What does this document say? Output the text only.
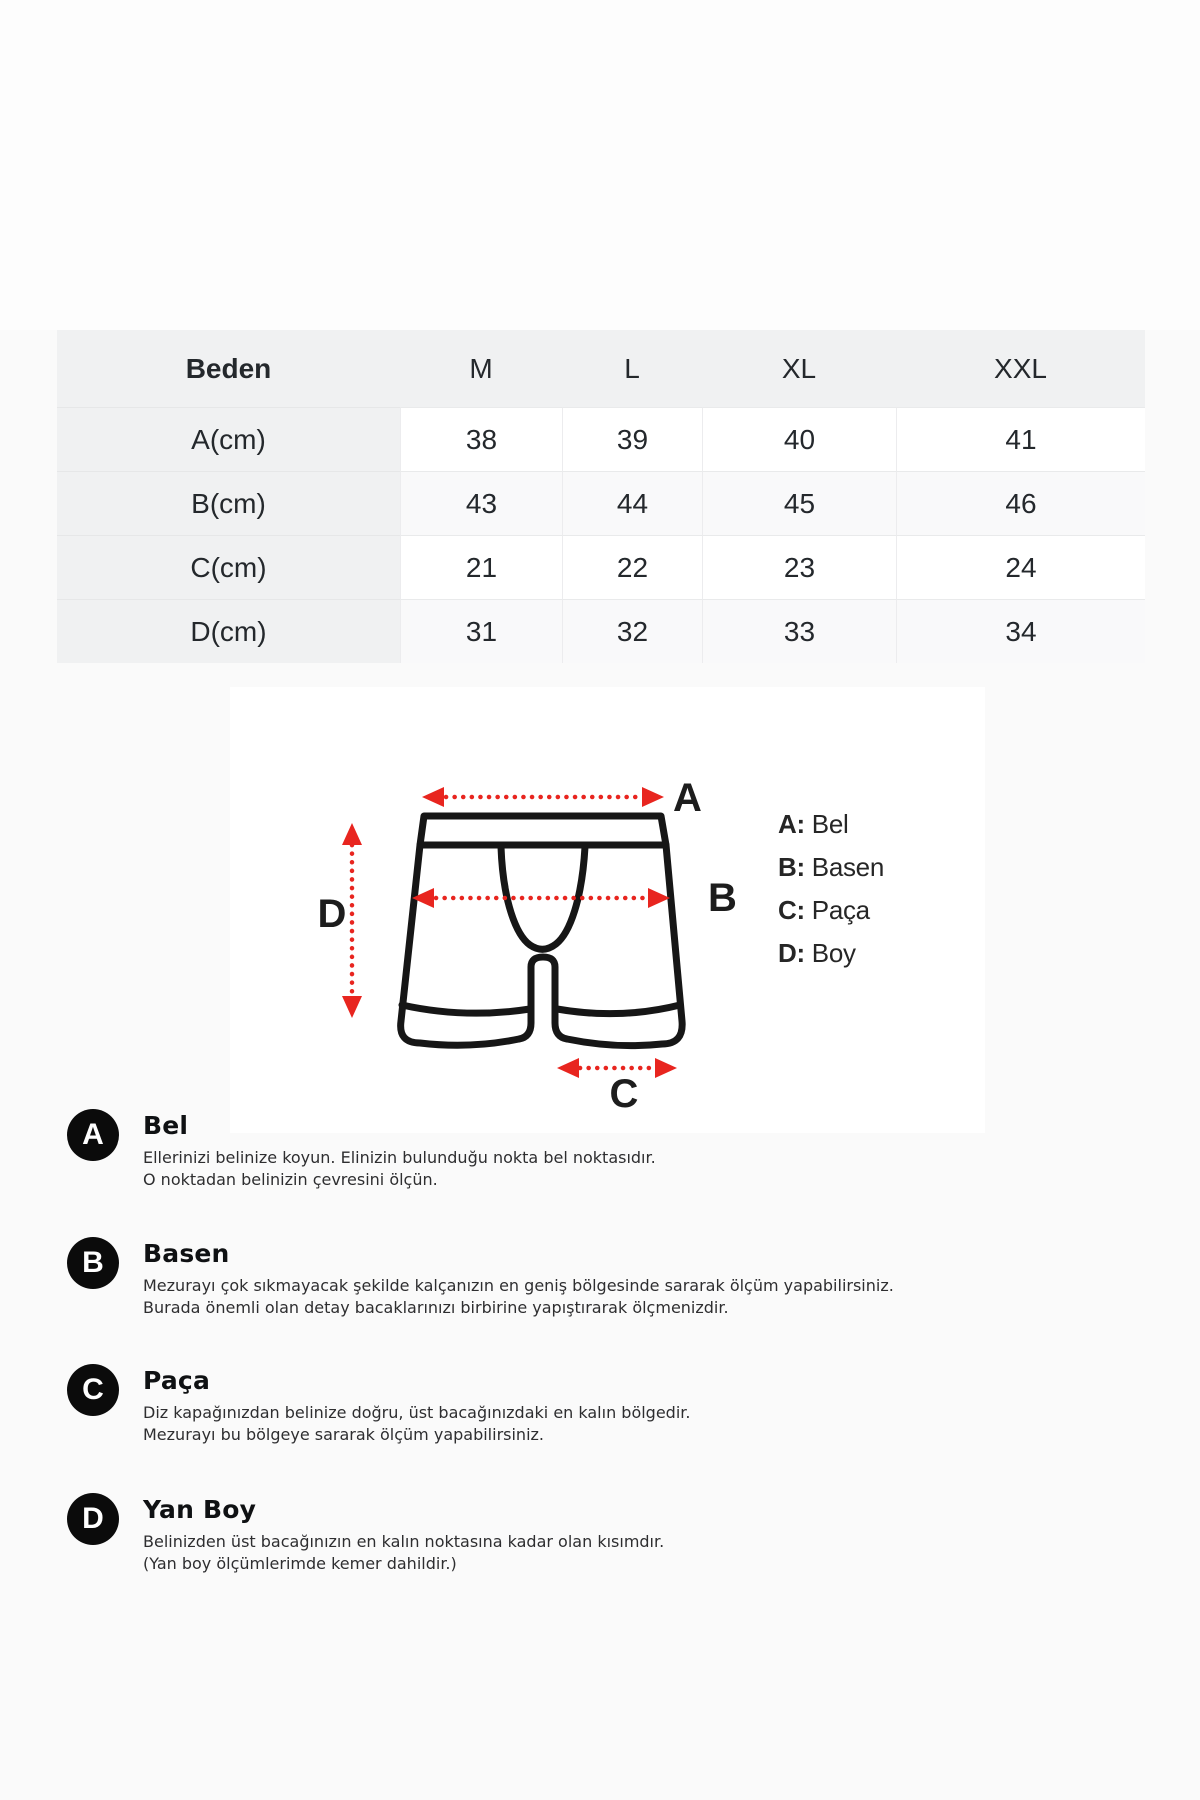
Beden	M	L	XL	XXL
A(cm)	38	39	40	41
B(cm)	43	44	45	46
C(cm)	21	22	23	24
D(cm)	31	32	33	34
A
B
C
D
A: Bel
B: Basen
C: Paça
D: Boy
A	Bel
Ellerinizi belinize koyun. Elinizin bulunduğu nokta bel noktasıdır.
O noktadan belinizin çevresini ölçün.
B	Basen
Mezurayı çok sıkmayacak şekilde kalçanızın en geniş bölgesinde sararak ölçüm yapabilirsiniz.
Burada önemli olan detay bacaklarınızı birbirine yapıştırarak ölçmenizdir.
C	Paça
Diz kapağınızdan belinize doğru, üst bacağınızdaki en kalın bölgedir.
Mezurayı bu bölgeye sararak ölçüm yapabilirsiniz.
D	Yan Boy
Belinizden üst bacağınızın en kalın noktasına kadar olan kısımdır.
(Yan boy ölçümlerimde kemer dahildir.)
